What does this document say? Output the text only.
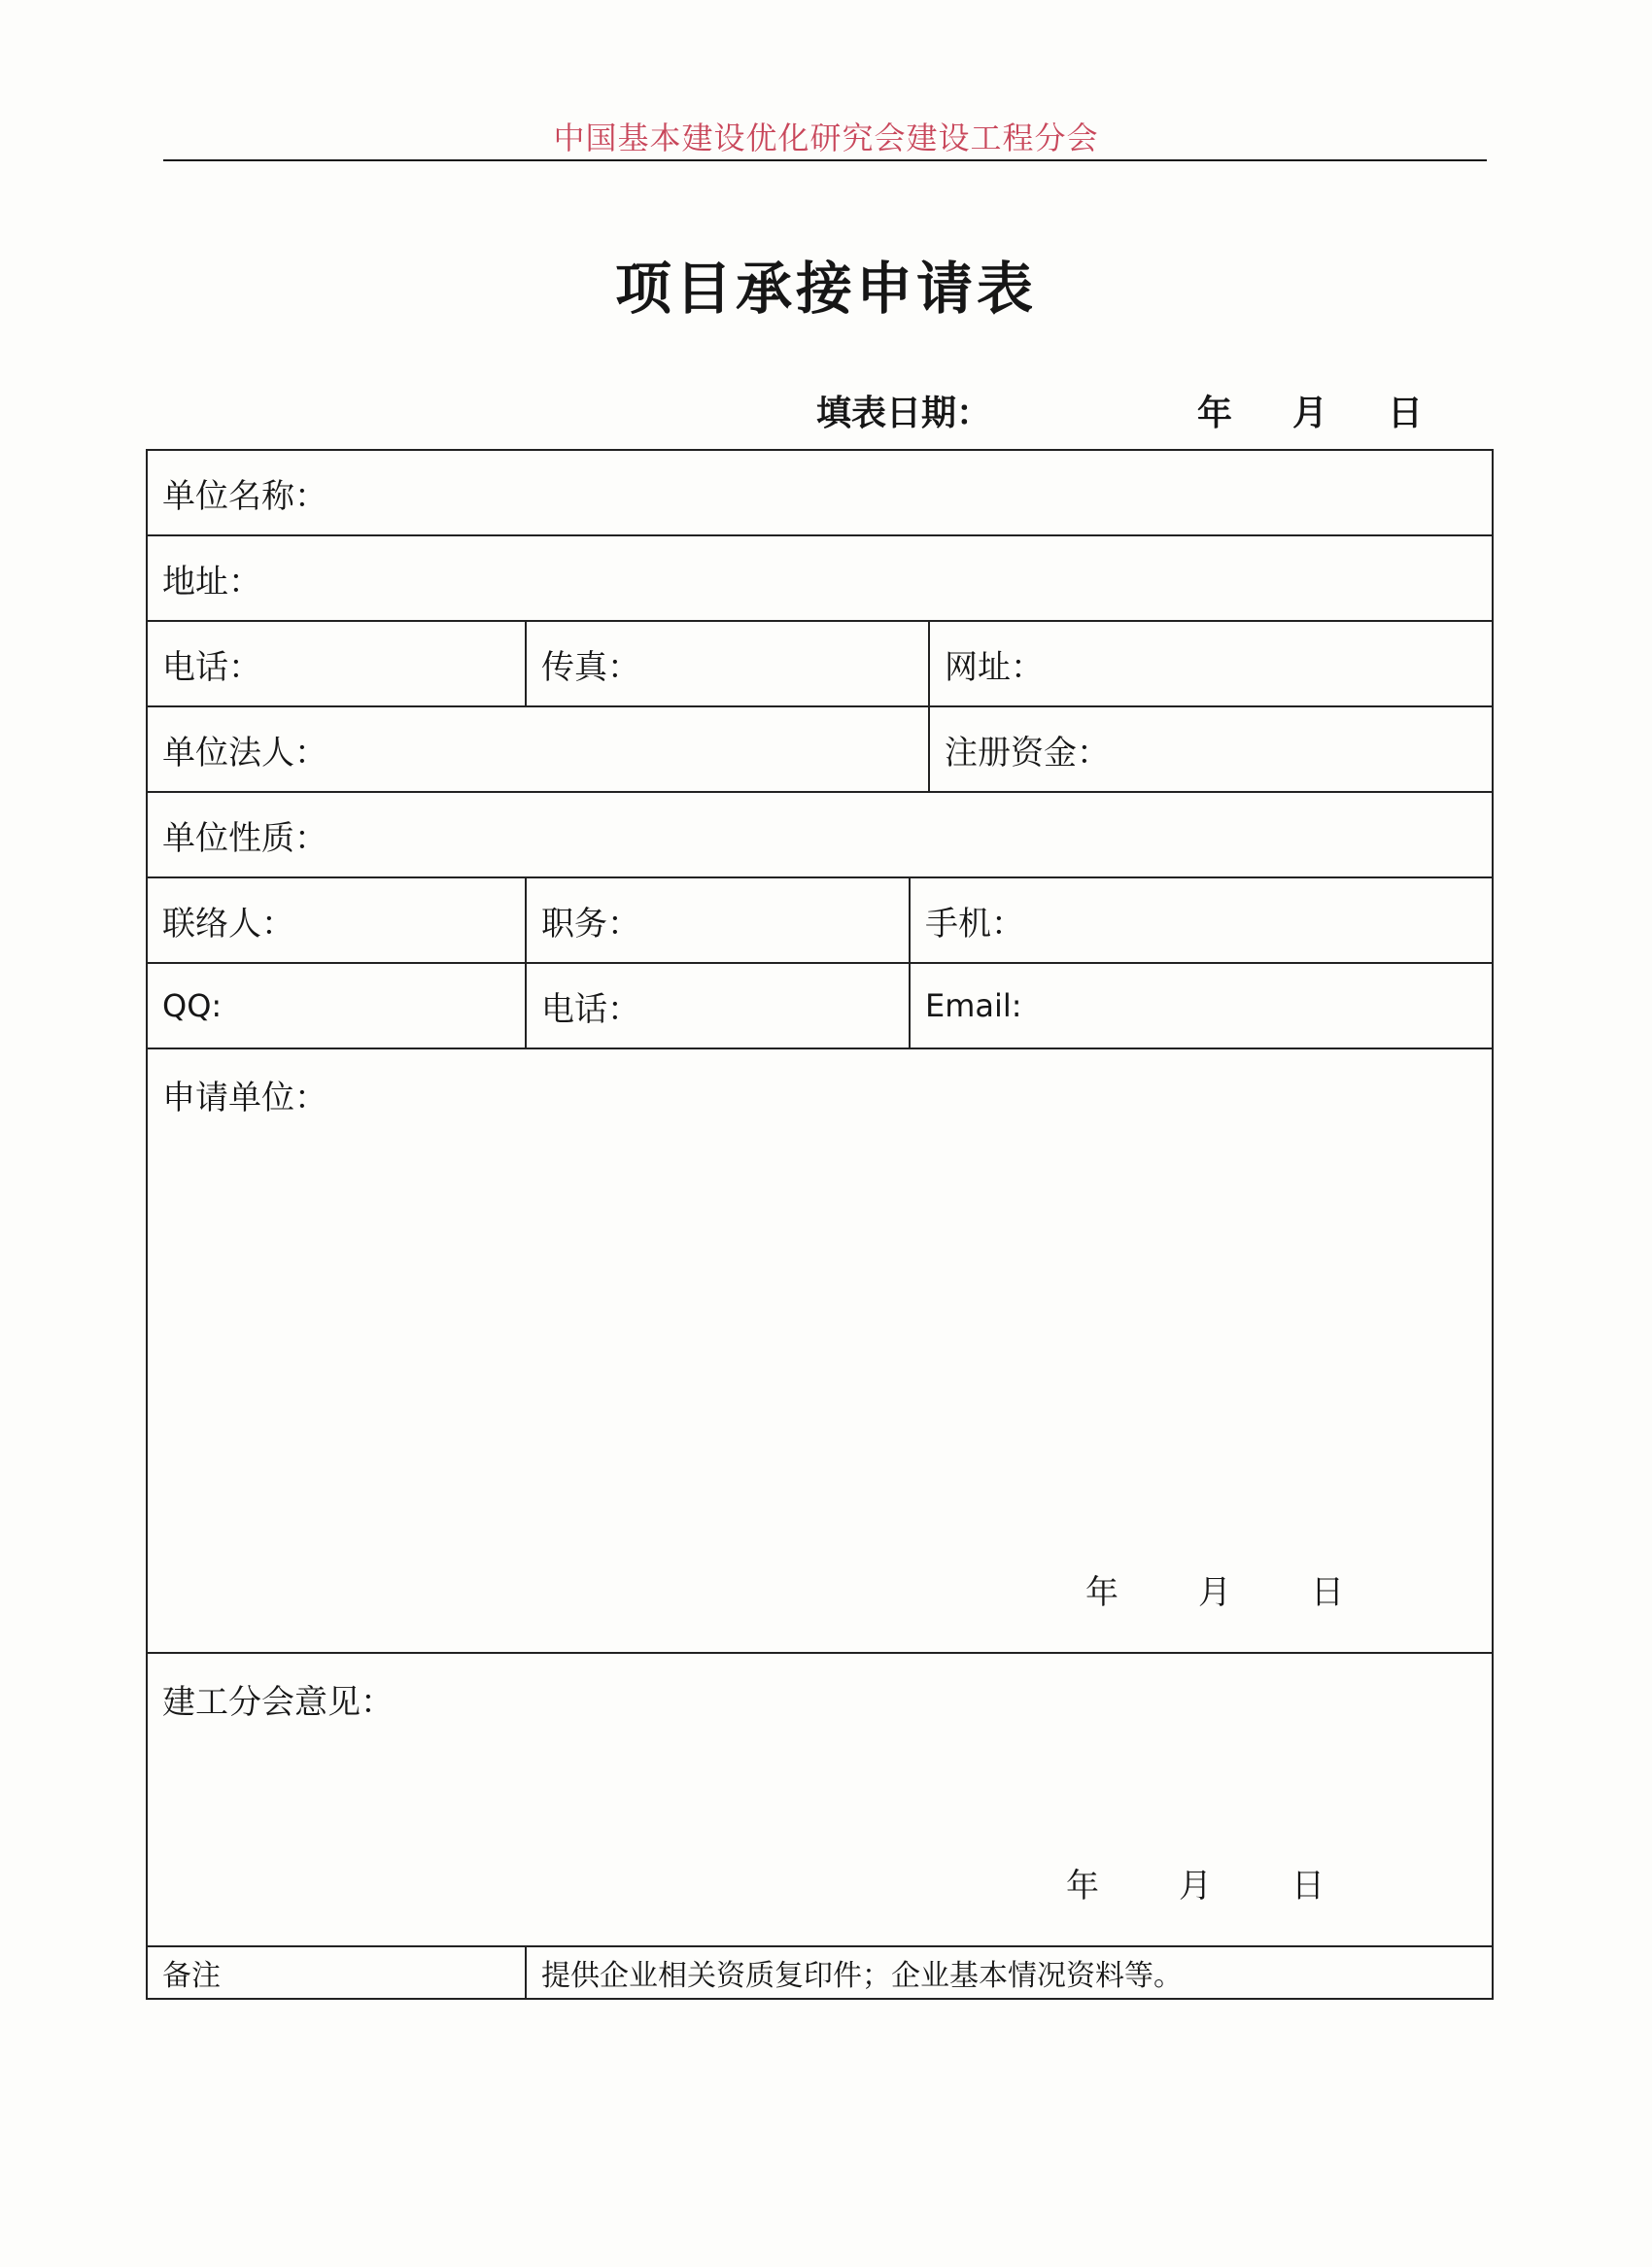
中国基本建设优化研究会建设工程分会
项目承接申请表
填表日期：	年 月 日
单位名称：			
地址：			
电话：	传真：		网址：
单位法人：			注册资金：
单位性质：			
联络人：	职务：	手机：	
QQ:	电话：	Email:	

申请单位：
年 月 日			

建工分会意见：
年 月 日			

备注	提供企业相关资质复印件；企业基本情况资料等。		
